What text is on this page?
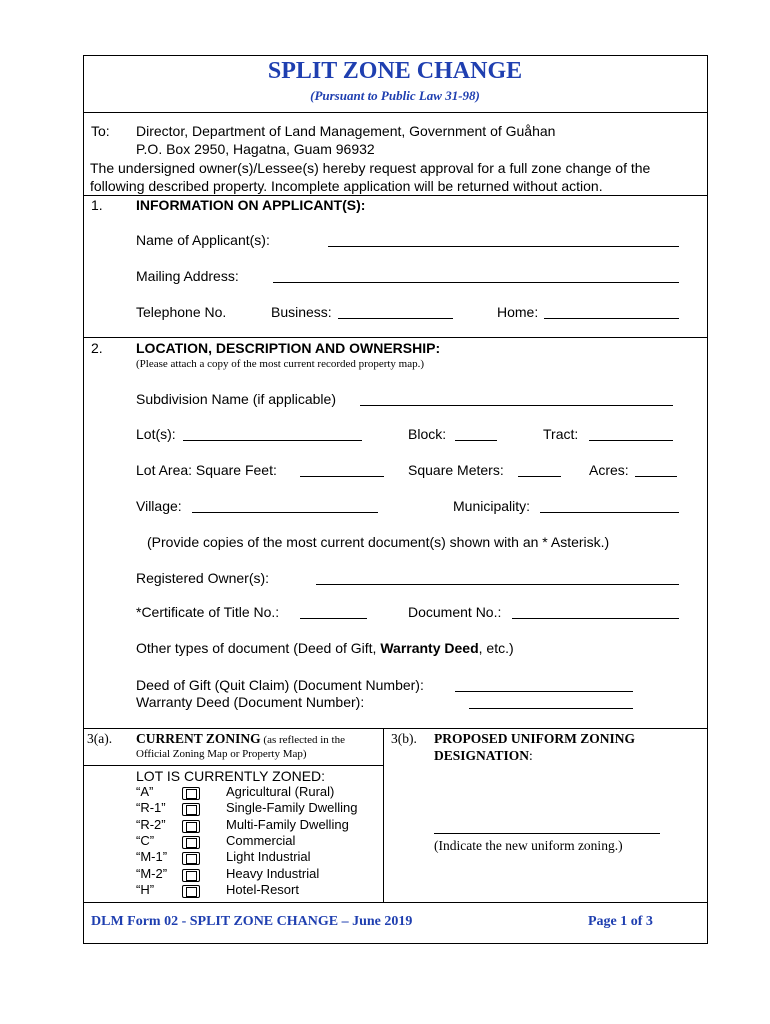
SPLIT ZONE CHANGE
(Pursuant to Public Law 31-98)
To: Director, Department of Land Management, Government of Guåhan
P.O. Box 2950, Hagatna, Guam 96932
The undersigned owner(s)/Lessee(s) hereby request approval for a full zone change of the
following described property. Incomplete application will be returned without action.
1. INFORMATION ON APPLICANT(S):
Name of Applicant(s):
Mailing Address:
Telephone No.	Business:	Home:
2. LOCATION, DESCRIPTION AND OWNERSHIP:
(Please attach a copy of the most current recorded property map.)
Subdivision Name (if applicable)
Lot(s):	Block:	Tract:
Lot Area: Square Feet:	Square Meters:	Acres:
Village:	Municipality:
(Provide copies of the most current document(s) shown with an * Asterisk.)
Registered Owner(s):
*Certificate of Title No.:	Document No.:
Other types of document (Deed of Gift, Warranty Deed, etc.)
Deed of Gift (Quit Claim) (Document Number):
Warranty Deed (Document Number):
3(a). CURRENT ZONING (as reflected in the
Official Zoning Map or Property Map)
LOT IS CURRENTLY ZONED:
“A”	Agricultural (Rural)
“R-1”	Single-Family Dwelling
“R-2”	Multi-Family Dwelling
“C”	Commercial
“M-1”	Light Industrial
“M-2”	Heavy Industrial
“H”	Hotel-Resort
3(b). PROPOSED UNIFORM ZONING
DESIGNATION:
(Indicate the new uniform zoning.)
DLM Form 02 - SPLIT ZONE CHANGE – June 2019	Page 1 of 3
